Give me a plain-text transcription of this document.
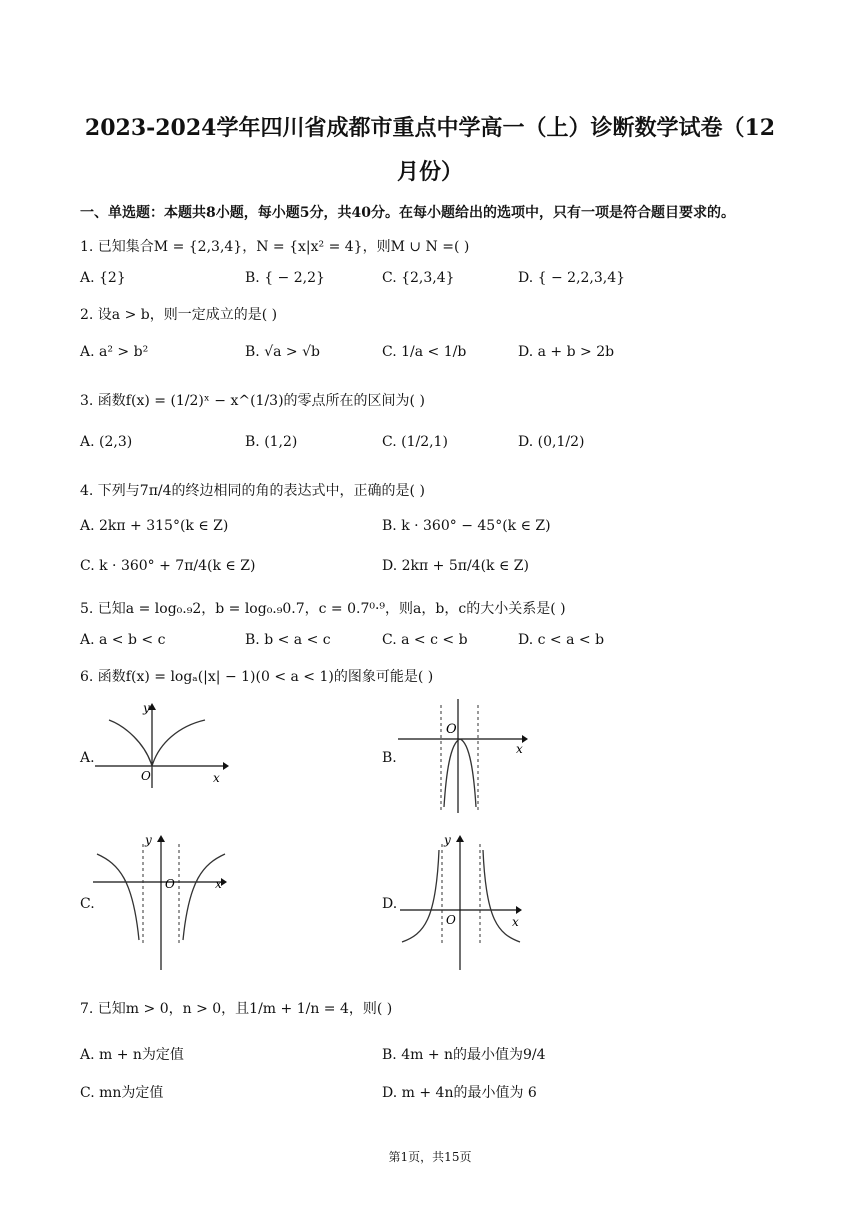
2023-2024学年四川省成都市重点中学高一（上）诊断数学试卷（12
月份）
一、单选题：本题共8小题，每小题5分，共40分。在每小题给出的选项中，只有一项是符合题目要求的。
1. 已知集合M = {2,3,4}，N = {x|x² = 4}，则M ∪ N =( )
A. {2}	B. { − 2,2}	C. {2,3,4}	D. { − 2,2,3,4}
2. 设a > b，则一定成立的是( )
A. a² > b²	B. √a > √b	C. 1/a < 1/b	D. a + b > 2b
3. 函数f(x) = (1/2)ˣ − x^(1/3)的零点所在的区间为( )
A. (2,3)	B. (1,2)	C. (1/2,1)	D. (0,1/2)
4. 下列与7π/4的终边相同的角的表达式中，正确的是( )
A. 2kπ + 315°(k ∈ Z)	B. k · 360° − 45°(k ∈ Z)
C. k · 360° + 7π/4(k ∈ Z)	D. 2kπ + 5π/4(k ∈ Z)
5. 已知a = log₀.₉2，b = log₀.₉0.7，c = 0.7⁰·⁹，则a，b，c的大小关系是( )
A. a < b < c	B. b < a < c	C. a < c < b	D. c < a < b
6. 函数f(x) = logₐ(|x| − 1)(0 < a < 1)的图象可能是( )
A.
y
x
O
B.
O
x
C.
y
x
O
D.
y
x
O
7. 已知m > 0，n > 0，且1/m + 1/n = 4，则( )
A. m + n为定值	B. 4m + n的最小值为9/4
C. mn为定值	D. m + 4n的最小值为 6
第1页，共15页
